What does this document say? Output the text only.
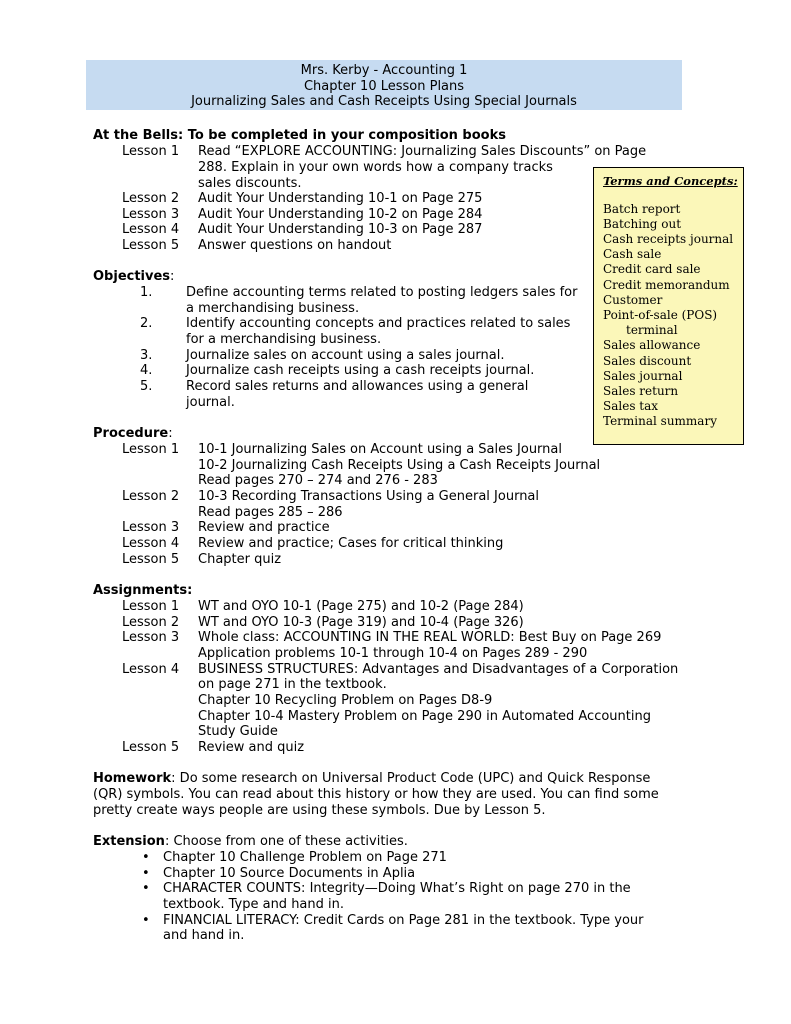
Mrs. Kerby - Accounting 1
Chapter 10 Lesson Plans
Journalizing Sales and Cash Receipts Using Special Journals
At the Bells: To be completed in your composition books
Lesson 1 Read “EXPLORE ACCOUNTING: Journalizing Sales Discounts” on Page
288. Explain in your own words how a company tracks
sales discounts.
Lesson 2 Audit Your Understanding 10-1 on Page 275
Lesson 3 Audit Your Understanding 10-2 on Page 284
Lesson 4 Audit Your Understanding 10-3 on Page 287
Lesson 5 Answer questions on handout
Terms and Concepts:
Batch report
Batching out
Cash receipts journal
Cash sale
Credit card sale
Credit memorandum
Customer
Point-of-sale (POS)
terminal
Sales allowance
Sales discount
Sales journal
Sales return
Sales tax
Terminal summary
Objectives:
1.	Define accounting terms related to posting ledgers sales for
a merchandising business.
2.	Identify accounting concepts and practices related to sales
for a merchandising business.
3.	Journalize sales on account using a sales journal.
4.	Journalize cash receipts using a cash receipts journal.
5.	Record sales returns and allowances using a general
journal.
Procedure:
Lesson 1 10-1 Journalizing Sales on Account using a Sales Journal
10-2 Journalizing Cash Receipts Using a Cash Receipts Journal
Read pages 270 – 274 and 276 - 283
Lesson 2 10-3 Recording Transactions Using a General Journal
Read pages 285 – 286
Lesson 3 Review and practice
Lesson 4 Review and practice; Cases for critical thinking
Lesson 5 Chapter quiz
Assignments:
Lesson 1 WT and OYO 10-1 (Page 275) and 10-2 (Page 284)
Lesson 2 WT and OYO 10-3 (Page 319) and 10-4 (Page 326)
Lesson 3 Whole class: ACCOUNTING IN THE REAL WORLD: Best Buy on Page 269
Application problems 10-1 through 10-4 on Pages 289 - 290
Lesson 4 BUSINESS STRUCTURES: Advantages and Disadvantages of a Corporation
on page 271 in the textbook.
Chapter 10 Recycling Problem on Pages D8-9
Chapter 10-4 Mastery Problem on Page 290 in Automated Accounting
Study Guide
Lesson 5 Review and quiz
Homework: Do some research on Universal Product Code (UPC) and Quick Response
(QR) symbols. You can read about this history or how they are used. You can find some
pretty create ways people are using these symbols. Due by Lesson 5.
Extension: Choose from one of these activities.
• Chapter 10 Challenge Problem on Page 271
• Chapter 10 Source Documents in Aplia
• CHARACTER COUNTS: Integrity—Doing What’s Right on page 270 in the
textbook. Type and hand in.
• FINANCIAL LITERACY: Credit Cards on Page 281 in the textbook. Type your
and hand in.
